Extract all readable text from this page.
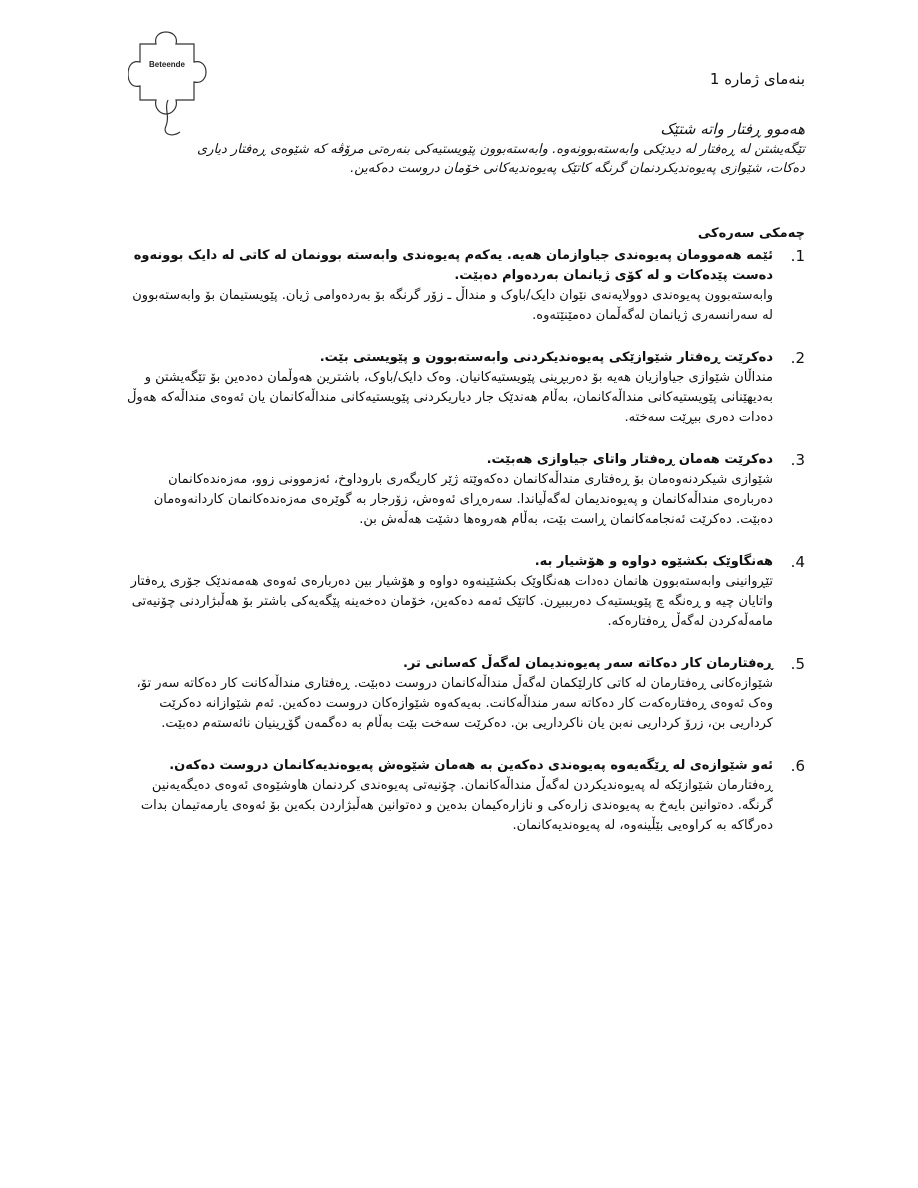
Beteende
بنەمای ژمارە 1
هەموو ڕفتار واتە شتێک
تێگەیشتن لە ڕەفتار لە دیدێکی وابەستەبوونەوە. وابەستەبوون پێویستیەکی بنەرەتی مرۆڤە کە شێوەی ڕەفتار دیاری دەکات، شێوازی پەیوەندیکردنمان گرنگە کاتێک پەیوەندیەکانی خۆمان دروست دەکەین.
چەمکی سەرەکی
1.
ئێمە هەموومان پەیوەندی جیاوازمان هەیە. یەکەم پەیوەندی وابەستە بوونمان لە کاتی لە دایک بوونەوە دەست پێدەکات و لە کۆی ژیانمان بەردەوام دەبێت.
وابەستەبوون پەیوەندی دوولایەنەی نێوان دایک/باوک و منداڵ ـ زۆر گرنگە بۆ بەردەوامی ژیان. پێویستیمان بۆ وابەستەبوون لە سەرانسەری ژیانمان لەگەڵمان دەمێنێتەوە.
2.
دەکرێت ڕەفتار شێوازێکی پەیوەندیکردنی وابەستەبوون و پێویستی بێت.
منداڵان شێوازی جیاوازیان هەیە بۆ دەربڕینی پێویستیەکانیان. وەک دایک/باوک، باشترین هەوڵمان دەدەین بۆ تێگەیشتن و بەدیهێنانی پێویستیەکانی منداڵەکانمان، بەڵام هەندێک جار دیاریکردنی پێویستیەکانی منداڵەکانمان یان ئەوەی منداڵەکە هەوڵ دەدات دەری ببڕێت سەختە.
3.
دەکرێت هەمان ڕەفتار واتای جیاوازی هەبێت.
شێوازی شیکردنەوەمان بۆ ڕەفتاری منداڵەکانمان دەکەوێتە ژێر کاریگەری باروداوخ، ئەزموونی زوو، مەزەندەکانمان دەربارەی منداڵەکانمان و پەیوەندیمان لەگەڵیاندا. سەرەڕای ئەوەش، زۆرجار بە گوێرەی مەزەندەکانمان کاردانەوەمان دەبێت. دەکرێت ئەنجامەکانمان ڕاست بێت، بەڵام هەروەها دشێت هەڵەش بن.
4.
هەنگاوێک بکشێوە دواوە و هۆشیار بە.
تێڕوانینی وابەستەبوون هانمان دەدات هەنگاوێک بکشێینەوە دواوە و هۆشیار بین دەربارەی ئەوەی هەمەندێک جۆری ڕەفتار واتایان چیە و ڕەنگە چ پێویستیەک دەربببڕن. کاتێک ئەمە دەکەین، خۆمان دەخەینە پێگەیەکی باشتر بۆ هەڵبژاردنی چۆنیەتی مامەڵەکردن لەگەڵ ڕەفتارەکە.
5.
ڕەفتارمان کار دەکاتە سەر پەیوەندیمان لەگەڵ کەسانی تر.
شێوازەکانی ڕەفتارمان لە کاتی کارلێکمان لەگەڵ منداڵەکانمان دروست دەبێت. ڕەفتاری منداڵەکانت کار دەکاتە سەر تۆ، وەک ئەوەی ڕەفتارەکەت کار دەکاتە سەر منداڵەکانت. بەیەکەوە شێوازەکان دروست دەکەین. ئەم شێوازانە دەکرێت کرداریی بن، زرۆ کرداریی نەبن یان ناکرداریی بن. دەکرێت سەخت بێت بەڵام بە دەگمەن گۆڕینیان نائەستەم دەبێت.
6.
ئەو شێوازەی لە ڕێگەیەوە پەیوەندی دەکەین بە هەمان شێوەش پەیوەندیەکانمان دروست دەکەن.
ڕەفتارمان شێوازێکە لە پەیوەندیکردن لەگەڵ منداڵەکانمان. چۆنیەتی پەیوەندی کردنمان هاوشێوەی ئەوەی دەیگەیەنین گرنگە. دەتوانین بایەخ بە پەیوەندی زارەکی و نازارەکیمان بدەین و دەتوانین هەڵبژاردن بکەین بۆ ئەوەی یارمەتیمان بدات دەرگاکە بە کراوەیی بێڵینەوە، لە پەیوەندیەکانمان.
